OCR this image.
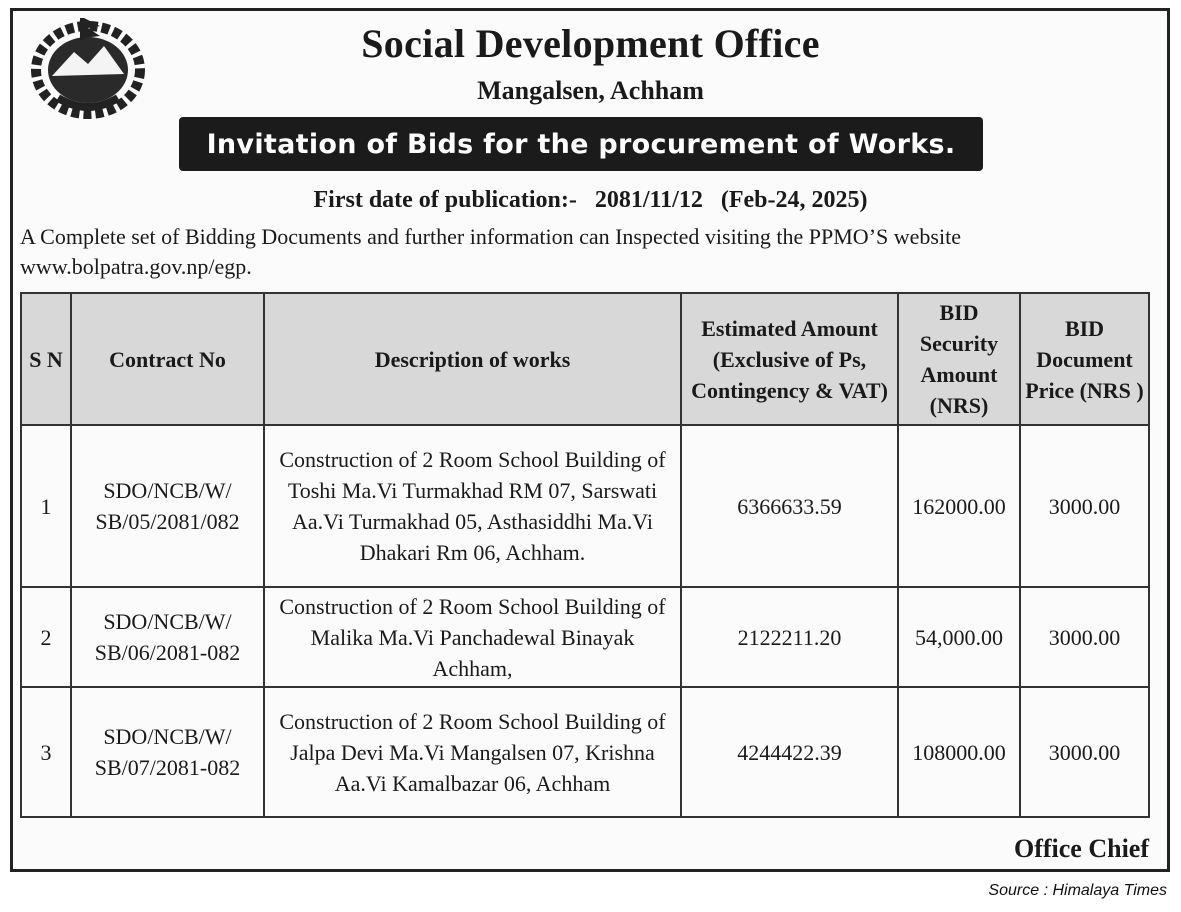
Social Development Office
Mangalsen, Achham
Invitation of Bids for the procurement of Works.
First date of publication:- 2081/11/12 (Feb-24, 2025)
A Complete set of Bidding Documents and further information can Inspected visiting the PPMO’S website www.bolpatra.gov.np/egp.
S N	Contract No	Description of works	Estimated Amount (Exclusive of Ps, Contingency & VAT)	BID Security Amount (NRS)	BID Document Price (NRS )
1	SDO/NCB/W/ SB/05/2081/082	Construction of 2 Room School Building of Toshi Ma.Vi Turmakhad RM 07, Sarswati Aa.Vi Turmakhad 05, Asthasiddhi Ma.Vi Dhakari Rm 06, Achham.	6366633.59	162000.00	3000.00
2	SDO/NCB/W/ SB/06/2081-082	Construction of 2 Room School Building of Malika Ma.Vi Panchadewal Binayak Achham,	2122211.20	54,000.00	3000.00
3	SDO/NCB/W/ SB/07/2081-082	Construction of 2 Room School Building of Jalpa Devi Ma.Vi Mangalsen 07, Krishna Aa.Vi Kamalbazar 06, Achham	4244422.39	108000.00	3000.00
Office Chief
Source : Himalaya Times
